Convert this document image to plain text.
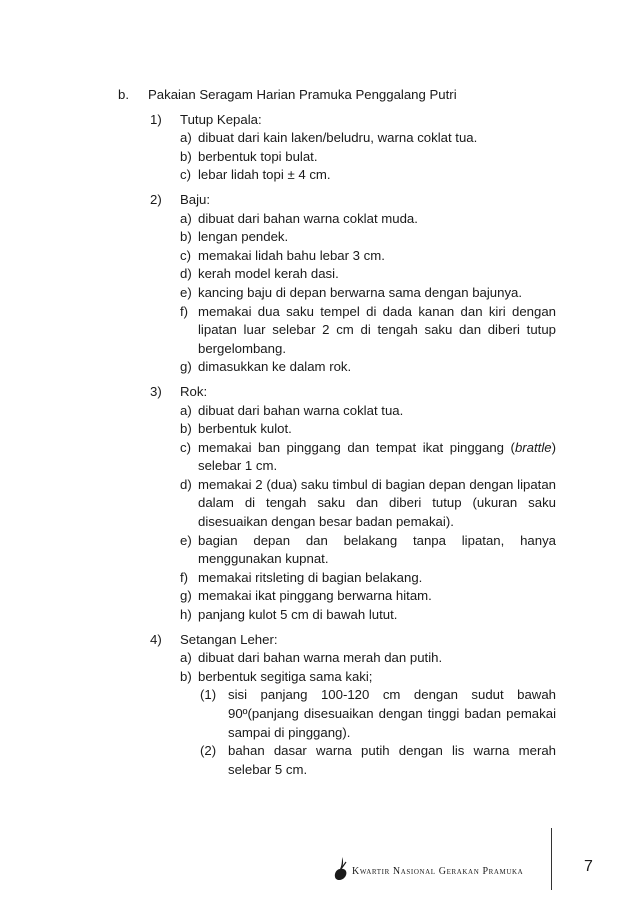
b. Pakaian Seragam Harian Pramuka Penggalang Putri
1) Tutup Kepala:
a) dibuat dari kain laken/beludru, warna coklat tua.
b) berbentuk topi bulat.
c) lebar lidah topi ± 4 cm.
2) Baju:
a) dibuat dari bahan warna coklat muda.
b) lengan pendek.
c) memakai lidah bahu lebar 3 cm.
d) kerah model kerah dasi.
e) kancing baju di depan berwarna sama dengan bajunya.
f) memakai dua saku tempel di dada kanan dan kiri dengan lipatan luar selebar 2 cm di tengah saku dan diberi tutup bergelombang.
g) dimasukkan ke dalam rok.
3) Rok:
a) dibuat dari bahan warna coklat tua.
b) berbentuk kulot.
c) memakai ban pinggang dan tempat ikat pinggang (brattle) selebar 1 cm.
d) memakai 2 (dua) saku timbul di bagian depan dengan lipatan dalam di tengah saku dan diberi tutup (ukuran saku disesuaikan dengan besar badan pemakai).
e) bagian depan dan belakang tanpa lipatan, hanya menggunakan kupnat.
f) memakai ritsleting di bagian belakang.
g) memakai ikat pinggang berwarna hitam.
h) panjang kulot 5 cm di bawah lutut.
4) Setangan Leher:
a) dibuat dari bahan warna merah dan putih.
b) berbentuk segitiga sama kaki;
(1) sisi panjang 100-120 cm dengan sudut bawah 90º(panjang disesuaikan dengan tinggi badan pemakai sampai di pinggang).
(2) bahan dasar warna putih dengan lis warna merah selebar 5 cm.
Kwartir Nasional Gerakan Pramuka	7
